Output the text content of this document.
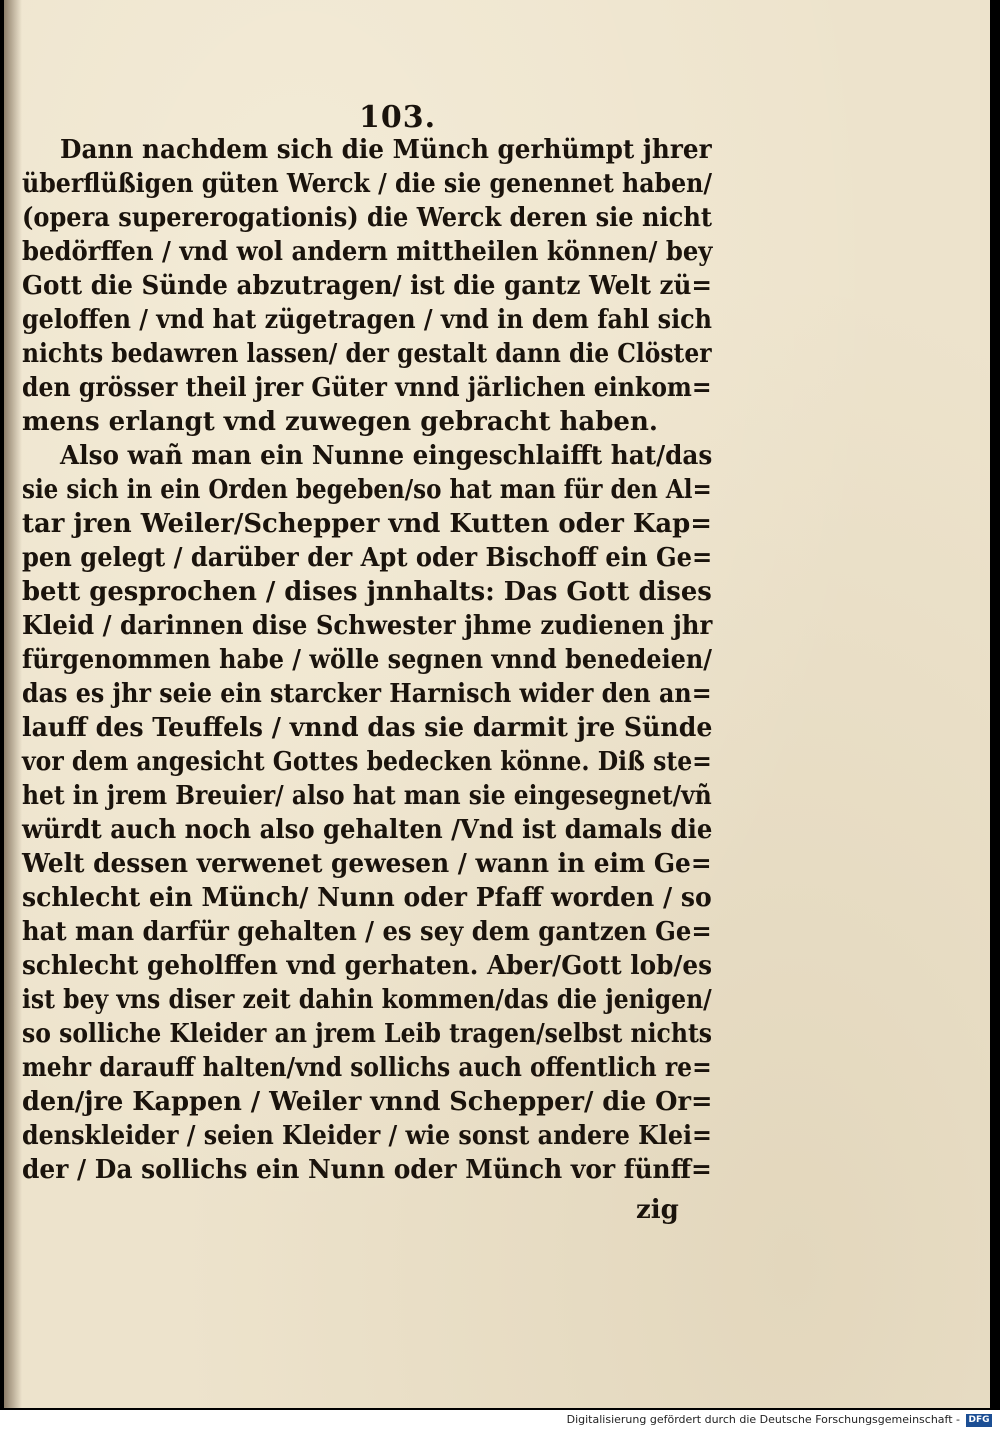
103.
Dann nachdem sich die Münch gerhümpt jhrer
überflüßigen güten Werck / die sie genennet haben/
(opera supererogationis) die Werck deren sie nicht
bedörffen / vnd wol andern mittheilen können/ bey
Gott die Sünde abzutragen/ ist die gantz Welt zü=
geloffen / vnd hat zügetragen / vnd in dem fahl sich
nichts bedawren lassen/ der gestalt dann die Clöster
den grösser theil jrer Güter vnnd järlichen einkom=
mens erlangt vnd zuwegen gebracht haben.
Also wañ man ein Nunne eingeschlaifft hat/das
sie sich in ein Orden begeben/so hat man für den Al=
tar jren Weiler/Schepper vnd Kutten oder Kap=
pen gelegt / darüber der Apt oder Bischoff ein Ge=
bett gesprochen / dises jnnhalts: Das Gott dises
Kleid / darinnen dise Schwester jhme zudienen jhr
fürgenommen habe / wölle segnen vnnd benedeien/
das es jhr seie ein starcker Harnisch wider den an=
lauff des Teuffels / vnnd das sie darmit jre Sünde
vor dem angesicht Gottes bedecken könne. Diß ste=
het in jrem Breuier/ also hat man sie eingesegnet/vñ
würdt auch noch also gehalten /Vnd ist damals die
Welt dessen verwenet gewesen / wann in eim Ge=
schlecht ein Münch/ Nunn oder Pfaff worden / so
hat man darfür gehalten / es sey dem gantzen Ge=
schlecht geholffen vnd gerhaten. Aber/Gott lob/es
ist bey vns diser zeit dahin kommen/das die jenigen/
so solliche Kleider an jrem Leib tragen/selbst nichts
mehr darauff halten/vnd sollichs auch offentlich re=
den/jre Kappen / Weiler vnnd Schepper/ die Or=
denskleider / seien Kleider / wie sonst andere Klei=
der / Da sollichs ein Nunn oder Münch vor fünff=
zig
Digitalisierung gefördert durch die Deutsche Forschungsgemeinschaft - DFG
